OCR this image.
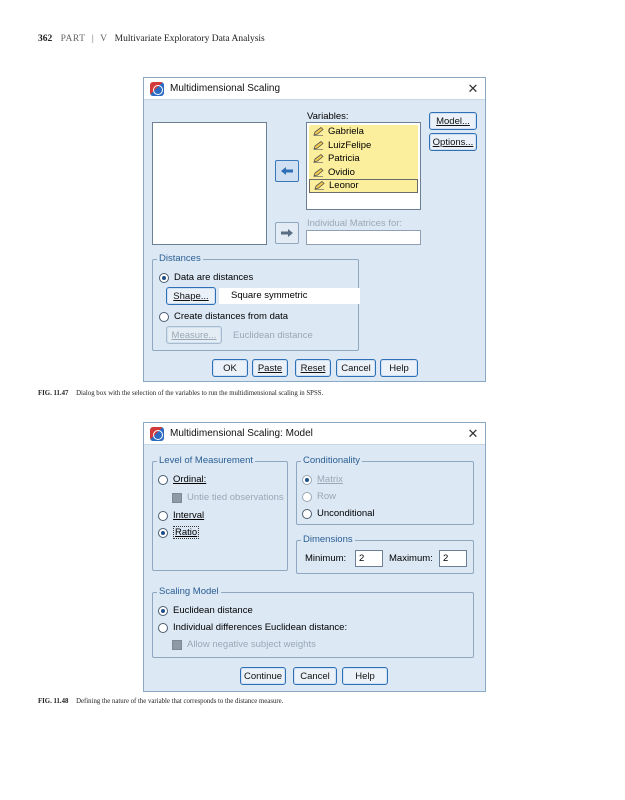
362 PART | V Multivariate Exploratory Data Analysis
Multidimensional Scaling	✕
Variables:
Gabriela
LuizFelipe
Patricia
Ovidio
Leonor
Model...
Options...
Individual Matrices for:
Distances
Data are distances
Shape...	Square symmetric
Create distances from data
Measure... Euclidean distance
OK Paste Reset Cancel Help
FIG. 11.47 Dialog box with the selection of the variables to run the multidimensional scaling in SPSS.
Multidimensional Scaling: Model	✕
Level of Measurement
Ordinal:
Untie tied observations
Interval
Ratio
Conditionality
Matrix
Row
Unconditional
Dimensions
Minimum:	2	Maximum:	2
Scaling Model
Euclidean distance
Individual differences Euclidean distance:
Allow negative subject weights
Continue Cancel	Help
FIG. 11.48 Defining the nature of the variable that corresponds to the distance measure.
